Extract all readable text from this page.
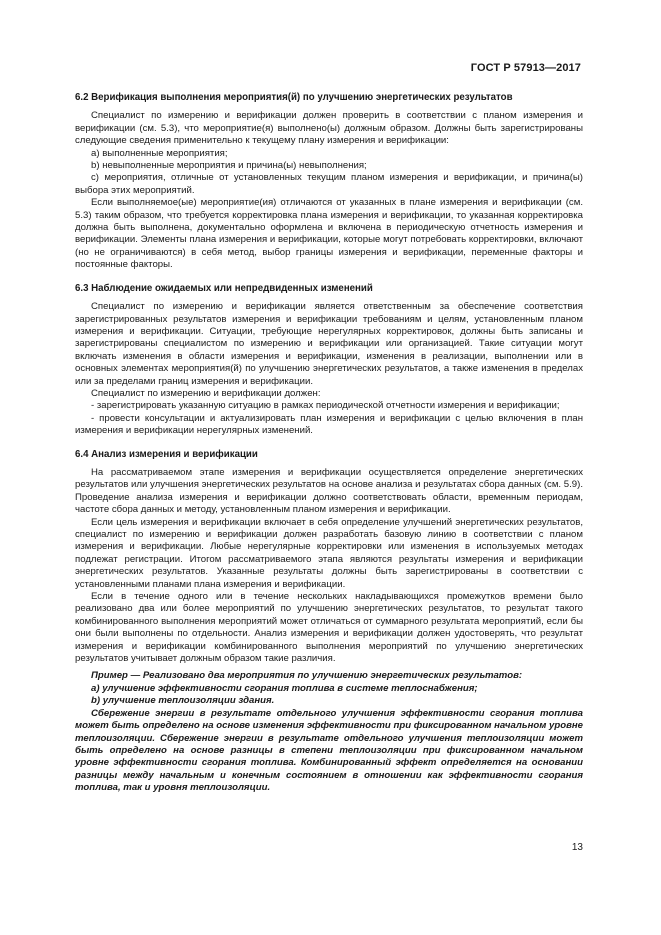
ГОСТ Р 57913—2017
6.2 Верификация выполнения мероприятия(й) по улучшению энергетических результатов

Специалист по измерению и верификации должен проверить в соответствии с планом измерения и верификации (см. 5.3), что мероприятие(я) выполнено(ы) должным образом. Должны быть зарегистрированы следующие сведения применительно к текущему плану измерения и верификации:

а) выполненные мероприятия;

b) невыполненные мероприятия и причина(ы) невыполнения;

c) мероприятия, отличные от установленных текущим планом измерения и верификации, и причина(ы) выбора этих мероприятий.

Если выполняемое(ые) мероприятие(ия) отличаются от указанных в плане измерения и верификации (см. 5.3) таким образом, что требуется корректировка плана измерения и верификации, то указанная корректировка должна быть выполнена, документально оформлена и включена в периодическую отчетность измерения и верификации. Элементы плана измерения и верификации, которые могут потребовать корректировки, включают (но не ограничиваются) в себя метод, выбор границы измерения и верификации, переменные факторы и постоянные факторы.

6.3 Наблюдение ожидаемых или непредвиденных изменений

Специалист по измерению и верификации является ответственным за обеспечение соответствия зарегистрированных результатов измерения и верификации требованиям и целям, установленным планом измерения и верификации. Ситуации, требующие нерегулярных корректировок, должны быть записаны и зарегистрированы специалистом по измерению и верификации или организацией. Такие ситуации могут включать изменения в области измерения и верификации, изменения в реализации, выполнении или в основных элементах мероприятия(й) по улучшению энергетических результатов, а также изменения в пределах или за пределами границ измерения и верификации.

Специалист по измерению и верификации должен:

- зарегистрировать указанную ситуацию в рамках периодической отчетности измерения и верификации;

- провести консультации и актуализировать план измерения и верификации с целью включения в план измерения и верификации нерегулярных изменений.

6.4 Анализ измерения и верификации

На рассматриваемом этапе измерения и верификации осуществляется определение энергетических результатов или улучшения энергетических результатов на основе анализа и результатах сбора данных (см. 5.9). Проведение анализа измерения и верификации должно соответствовать области, временным периодам, частоте сбора данных и методу, установленным планом измерения и верификации.

Если цель измерения и верификации включает в себя определение улучшений энергетических результатов, специалист по измерению и верификации должен разработать базовую линию в соответствии с планом измерения и верификации. Любые нерегулярные корректировки или изменения в используемых методах подлежат регистрации. Итогом рассматриваемого этапа являются результаты измерения и верификации энергетических результатов. Указанные результаты должны быть зарегистрированы в соответствии с установленными планами плана измерения и верификации.

Если в течение одного или в течение нескольких накладывающихся промежутков времени было реализовано два или более мероприятий по улучшению энергетических результатов, то результат такого комбинированного выполнения мероприятий может отличаться от суммарного результата мероприятий, если бы они были выполнены по отдельности. Анализ измерения и верификации должен удостоверять, что результат измерения и верификации комбинированного выполнения мероприятий по улучшению энергетических результатов учитывает должным образом такие различия.

Пример — Реализовано два мероприятия по улучшению энергетических результатов:

a) улучшение эффективности сгорания топлива в системе теплоснабжения;

b) улучшение теплоизоляции здания.

Сбережение энергии в результате отдельного улучшения эффективности сгорания топлива может быть определено на основе изменения эффективности при фиксированном начальном уровне теплоизоляции. Сбережение энергии в результате отдельного улучшения теплоизоляции может быть определено на основе разницы в степени теплоизоляции при фиксированном начальном уровне эффективности сгорания топлива. Комбинированный эффект определяется на основании разницы между начальным и конечным состоянием в отношении как эффективности сгорания топлива, так и уровня теплоизоляции.

13
